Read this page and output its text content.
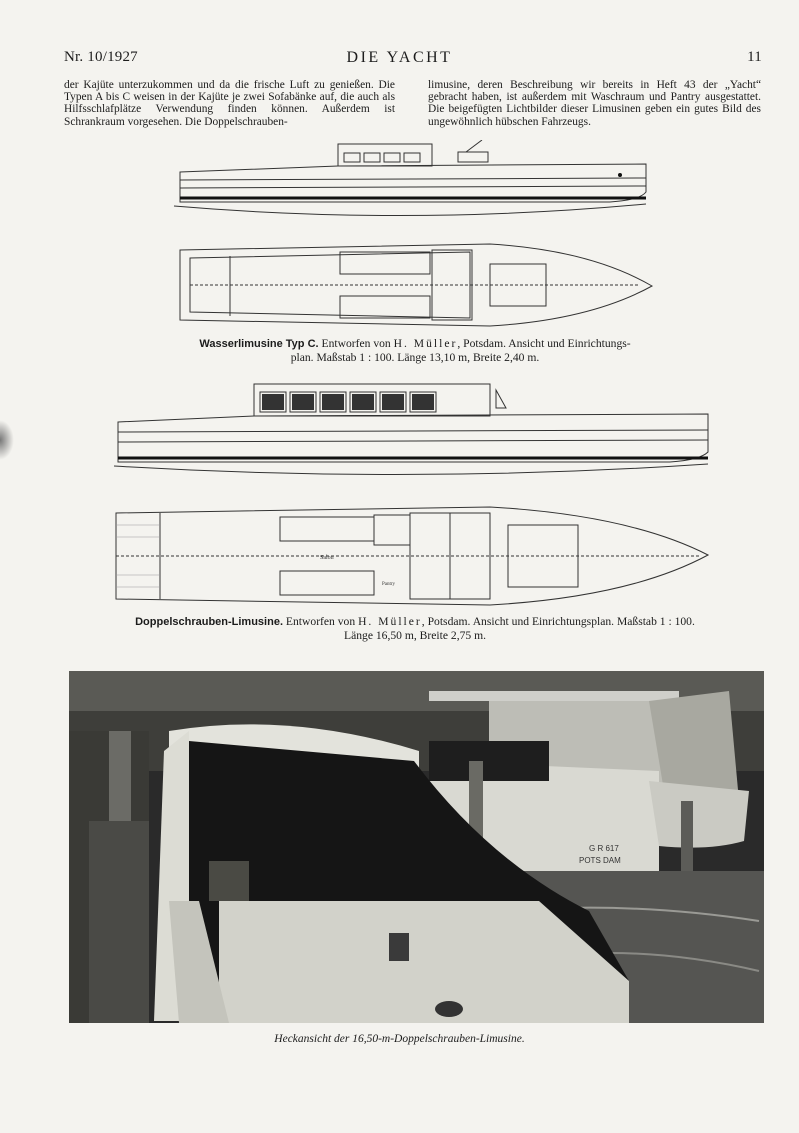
Nr. 10/1927	DIE YACHT	11
der Kajüte unterzukommen und da die frische Luft zu genießen. Die Typen A bis C weisen in der Kajüte je zwei Sofabänke auf, die auch als Hilfsschlafplätze Verwendung finden können. Außerdem ist Schrankraum vorgesehen. Die Doppelschrauben-
limusine, deren Beschreibung wir bereits in Heft 43 der „Yacht“ gebracht haben, ist außerdem mit Waschraum und Pantry ausgestattet. Die beigefügten Lichtbilder dieser Limusinen geben ein gutes Bild des ungewöhnlich hübschen Fahrzeugs.
Wasserlimusine Typ C. Entworfen von H. Müller, Potsdam. Ansicht und Einrichtungs-
plan. Maßstab 1 : 100. Länge 13,10 m, Breite 2,40 m.
Salon
Pantry
Doppelschrauben-Limusine. Entworfen von H. Müller, Potsdam. Ansicht und Einrichtungsplan. Maßstab 1 : 100.
Länge 16,50 m, Breite 2,75 m.
G R 617
POTS DAM
Heckansicht der 16,50-m-Doppelschrauben-Limusine.
